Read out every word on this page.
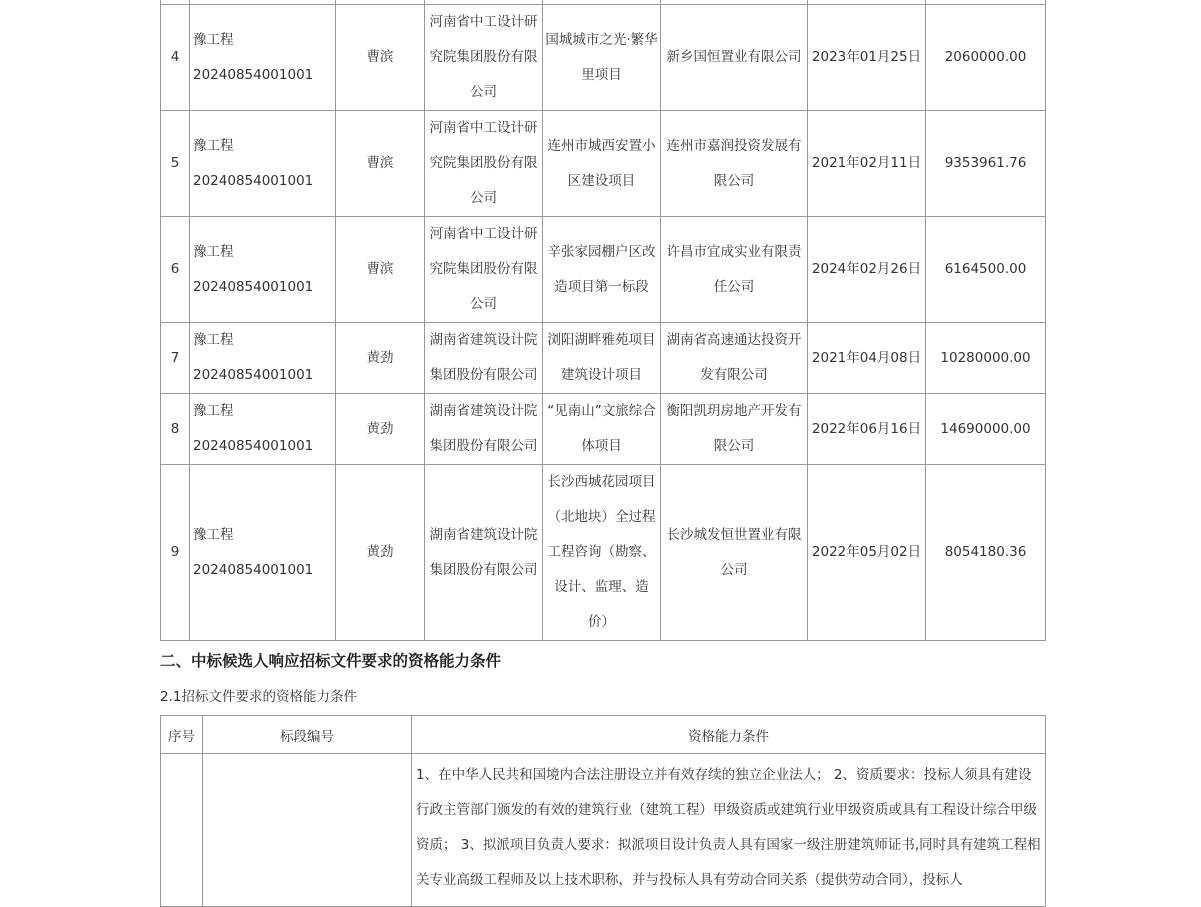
4	豫工程20240854001001	曹滨	河南省中工设计研究院集团股份有限公司	国城城市之光·繁华里项目	新乡国恒置业有限公司	2023年01月25日	2060000.00
5	豫工程20240854001001	曹滨	河南省中工设计研究院集团股份有限公司	连州市城西安置小区建设项目	连州市嘉润投资发展有限公司	2021年02月11日	9353961.76
6	豫工程20240854001001	曹滨	河南省中工设计研究院集团股份有限公司	辛张家园棚户区改造项目第一标段	许昌市宜成实业有限责任公司	2024年02月26日	6164500.00
7	豫工程20240854001001	黄劲	湖南省建筑设计院集团股份有限公司	浏阳湖畔雅苑项目建筑设计项目	湖南省高速通达投资开发有限公司	2021年04月08日	10280000.00
8	豫工程20240854001001	黄劲	湖南省建筑设计院集团股份有限公司	“见南山”文旅综合体项目	衡阳凯玥房地产开发有限公司	2022年06月16日	14690000.00
9	豫工程20240854001001	黄劲	湖南省建筑设计院集团股份有限公司	长沙西城花园项目（北地块）全过程工程咨询（勘察、设计、监理、造价）	长沙城发恒世置业有限公司	2022年05月02日	8054180.36
二、中标候选人响应招标文件要求的资格能力条件
2.1招标文件要求的资格能力条件
序号	标段编号	资格能力条件
		1、在中华人民共和国境内合法注册设立并有效存续的独立企业法人； 2、资质要求：投标人须具有建设行政主管部门颁发的有效的建筑行业（建筑工程）甲级资质或建筑行业甲级资质或具有工程设计综合甲级资质； 3、拟派项目负责人要求：拟派项目设计负责人具有国家一级注册建筑师证书,同时具有建筑工程相关专业高级工程师及以上技术职称，并与投标人具有劳动合同关系（提供劳动合同），投标人
